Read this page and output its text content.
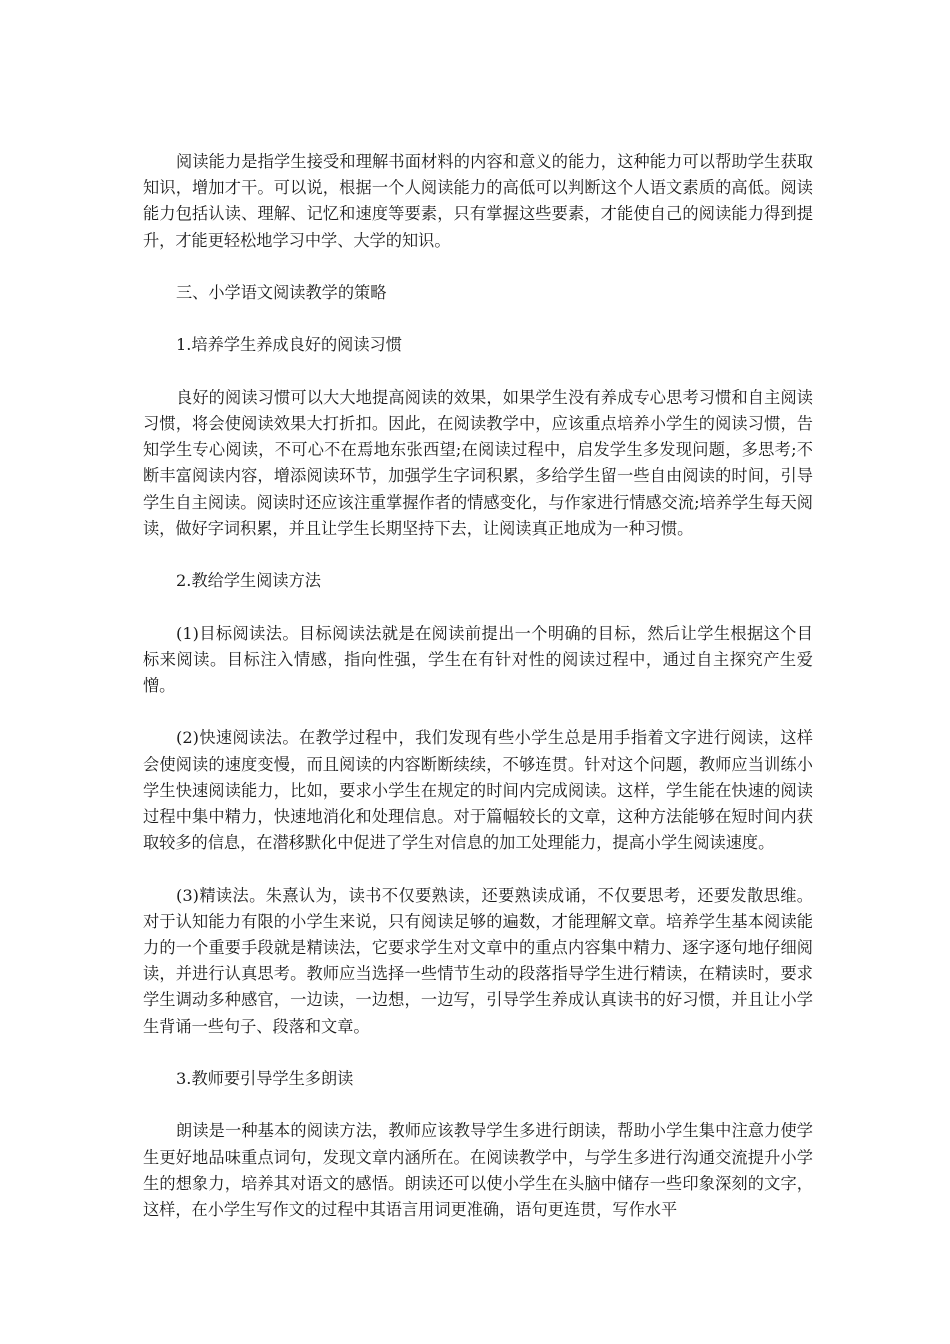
阅读能力是指学生接受和理解书面材料的内容和意义的能力，这种能力可以帮助学生获取知识，增加才干。可以说，根据一个人阅读能力的高低可以判断这个人语文素质的高低。阅读能力包括认读、理解、记忆和速度等要素，只有掌握这些要素，才能使自己的阅读能力得到提升，才能更轻松地学习中学、大学的知识。

三、小学语文阅读教学的策略

1.培养学生养成良好的阅读习惯

良好的阅读习惯可以大大地提高阅读的效果，如果学生没有养成专心思考习惯和自主阅读习惯，将会使阅读效果大打折扣。因此，在阅读教学中，应该重点培养小学生的阅读习惯，告知学生专心阅读，不可心不在焉地东张西望;在阅读过程中，启发学生多发现问题，多思考;不断丰富阅读内容，增添阅读环节，加强学生字词积累，多给学生留一些自由阅读的时间，引导学生自主阅读。阅读时还应该注重掌握作者的情感变化，与作家进行情感交流;培养学生每天阅读，做好字词积累，并且让学生长期坚持下去，让阅读真正地成为一种习惯。

2.教给学生阅读方法

(1)目标阅读法。目标阅读法就是在阅读前提出一个明确的目标，然后让学生根据这个目标来阅读。目标注入情感，指向性强，学生在有针对性的阅读过程中，通过自主探究产生爱憎。

(2)快速阅读法。在教学过程中，我们发现有些小学生总是用手指着文字进行阅读，这样会使阅读的速度变慢，而且阅读的内容断断续续，不够连贯。针对这个问题，教师应当训练小学生快速阅读能力，比如，要求小学生在规定的时间内完成阅读。这样，学生能在快速的阅读过程中集中精力，快速地消化和处理信息。对于篇幅较长的文章，这种方法能够在短时间内获取较多的信息，在潜移默化中促进了学生对信息的加工处理能力，提高小学生阅读速度。

(3)精读法。朱熹认为，读书不仅要熟读，还要熟读成诵，不仅要思考，还要发散思维。对于认知能力有限的小学生来说，只有阅读足够的遍数，才能理解文章。培养学生基本阅读能力的一个重要手段就是精读法，它要求学生对文章中的重点内容集中精力、逐字逐句地仔细阅读，并进行认真思考。教师应当选择一些情节生动的段落指导学生进行精读，在精读时，要求学生调动多种感官，一边读，一边想，一边写，引导学生养成认真读书的好习惯，并且让小学生背诵一些句子、段落和文章。

3.教师要引导学生多朗读

朗读是一种基本的阅读方法，教师应该教导学生多进行朗读，帮助小学生集中注意力使学生更好地品味重点词句，发现文章内涵所在。在阅读教学中，与学生多进行沟通交流提升小学生的想象力，培养其对语文的感悟。朗读还可以使小学生在头脑中储存一些印象深刻的文字，这样，在小学生写作文的过程中其语言用词更准确，语句更连贯，写作水平
